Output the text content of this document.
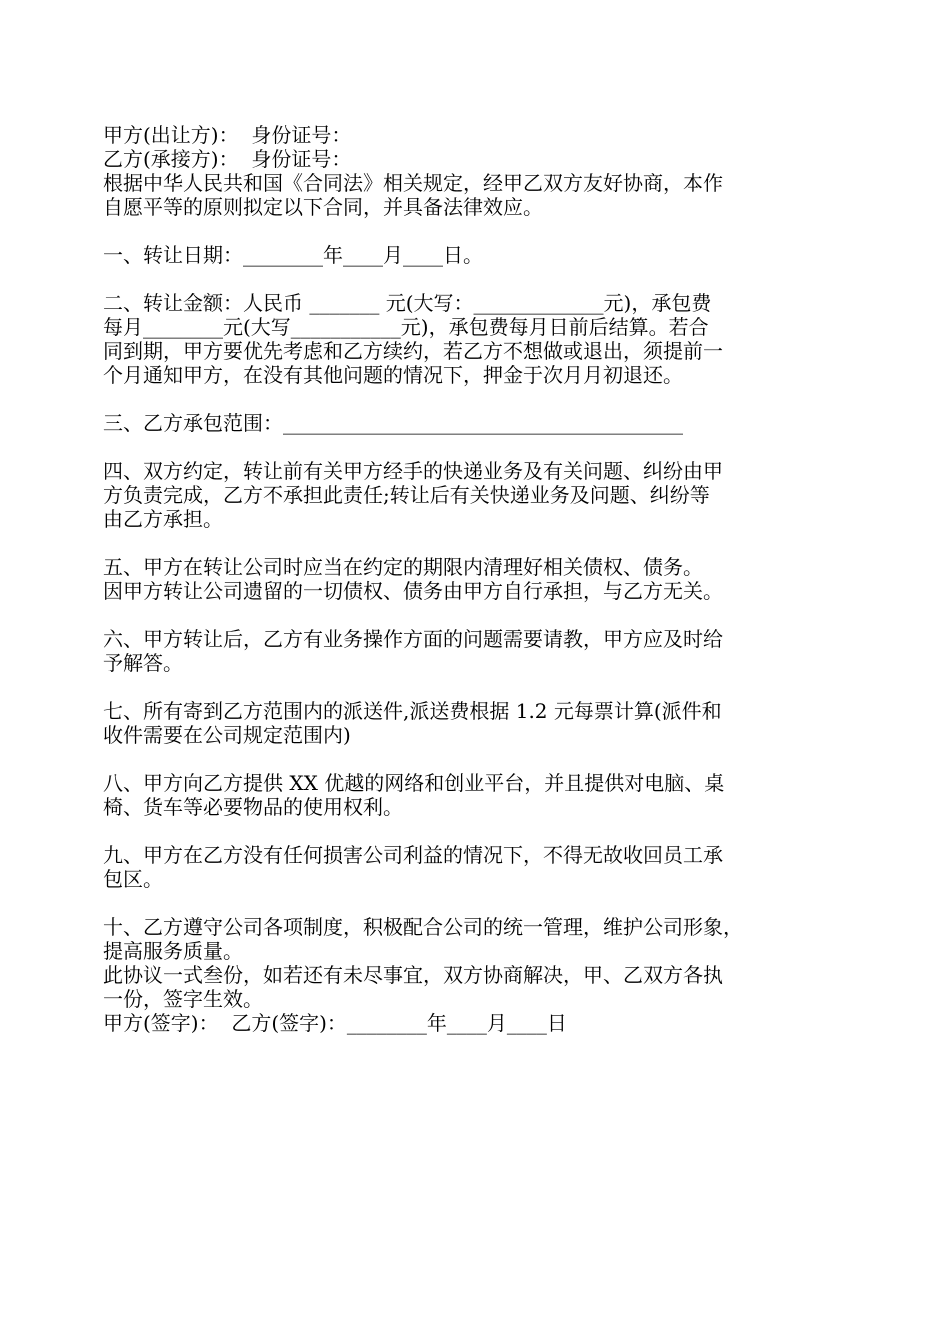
甲方(出让方)：  身份证号：
乙方(承接方)：  身份证号：
根据中华人民共和国《合同法》相关规定，经甲乙双方友好协商，本作
自愿平等的原则拟定以下合同，并具备法律效应。
一、转让日期：________年____月____日。
二、转让金额：人民币 _______ 元(大写：_____________元)，承包费
每月________元(大写___________元)，承包费每月日前后结算。若合
同到期，甲方要优先考虑和乙方续约，若乙方不想做或退出，须提前一
个月通知甲方，在没有其他问题的情况下，押金于次月月初退还。
三、乙方承包范围：________________________________________
四、双方约定，转让前有关甲方经手的快递业务及有关问题、纠纷由甲
方负责完成，乙方不承担此责任;转让后有关快递业务及问题、纠纷等
由乙方承担。
五、甲方在转让公司时应当在约定的期限内清理好相关债权、债务。
因甲方转让公司遗留的一切债权、债务由甲方自行承担，与乙方无关。
六、甲方转让后，乙方有业务操作方面的问题需要请教，甲方应及时给
予解答。
七、所有寄到乙方范围内的派送件,派送费根据 1.2 元每票计算(派件和
收件需要在公司规定范围内)
八、甲方向乙方提供 XX 优越的网络和创业平台，并且提供对电脑、桌
椅、货车等必要物品的使用权利。
九、甲方在乙方没有任何损害公司利益的情况下，不得无故收回员工承
包区。
十、乙方遵守公司各项制度，积极配合公司的统一管理，维护公司形象，
提高服务质量。
此协议一式叁份，如若还有未尽事宜，双方协商解决，甲、乙双方各执
一份，签字生效。
甲方(签字)：  乙方(签字)：________年____月____日
